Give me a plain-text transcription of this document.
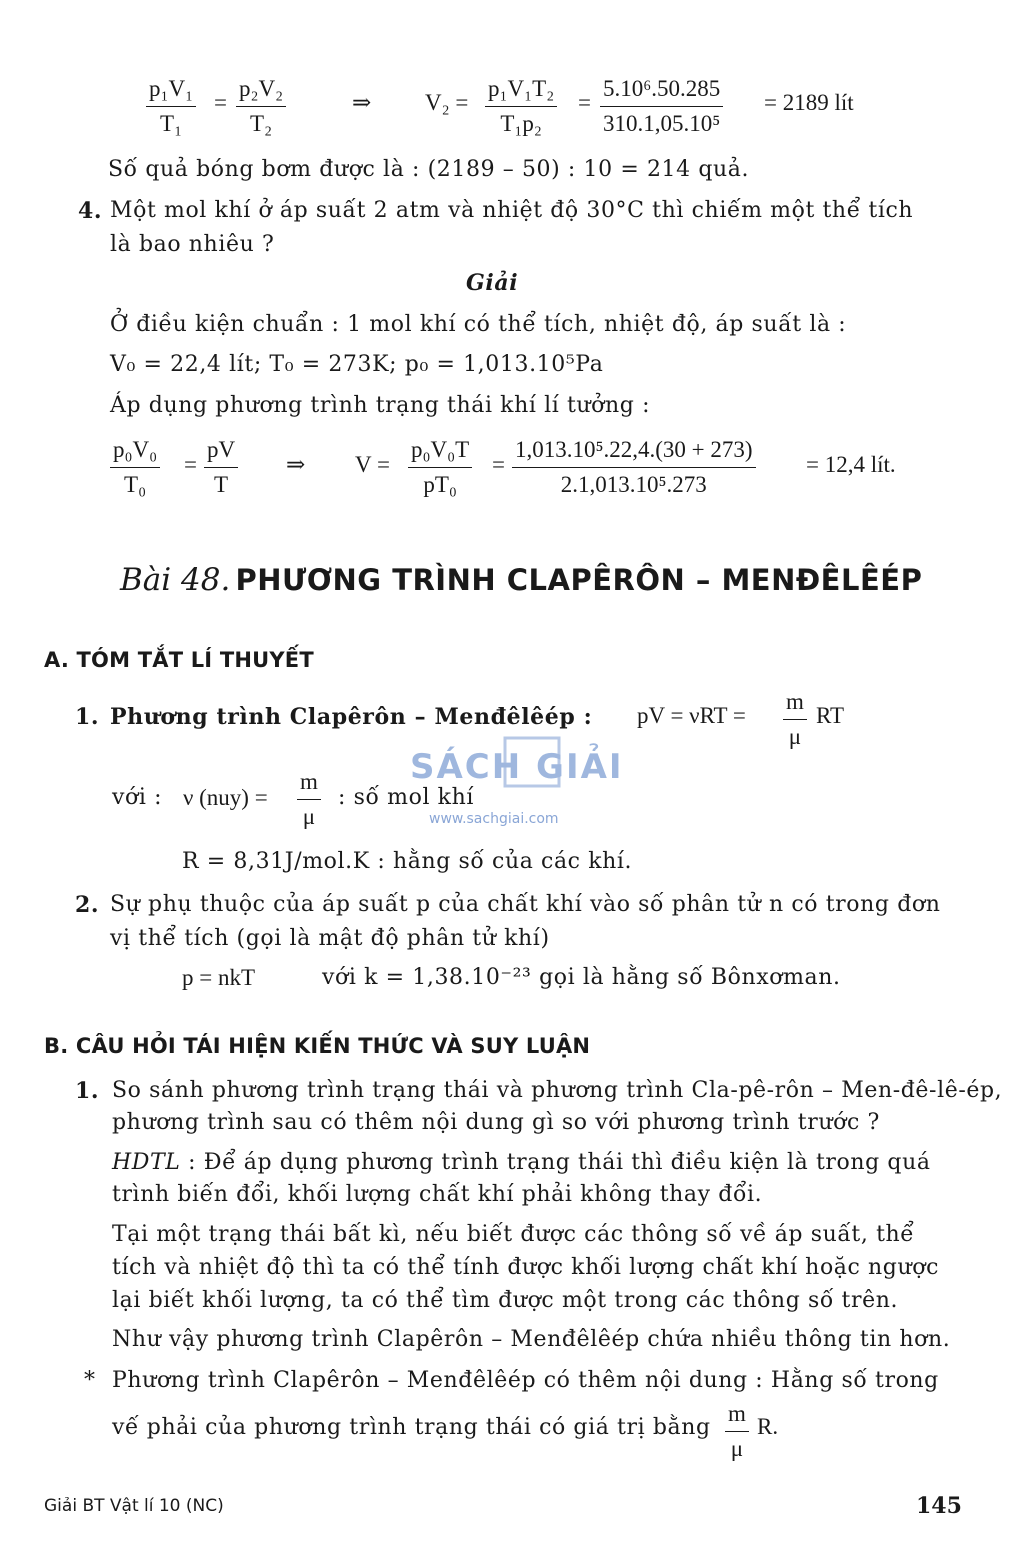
$\frac{\text{p₁V₁}}{\text{T₁}} = \frac{\text{p₂V₂}}{\text{T₂}}$	⇒ $V_2 = \frac{\text{p₁V₁T₂}}{\text{T₁p₂}} = \frac{\text{5.10⁶.50.285}}{\text{310.1,05.10⁵}} = 2189$ lít
Số quả bóng bơm được là : (2189 – 50) : 10 = 214 quả.
4. Một mol khí ở áp suất 2 atm và nhiệt độ 30°C thì chiếm một thể tích
là bao nhiêu ?
Giải
Ở điều kiện chuẩn : 1 mol khí có thể tích, nhiệt độ, áp suất là :
V₀ = 22,4 lít; T₀ = 273K; p₀ = 1,013.10⁵Pa
Áp dụng phương trình trạng thái khí lí tưởng :
$\frac{\text{p₀V₀}}{\text{T₀}} = \frac{pV}{T}$ ⇒ $V = \frac{\text{p₀V₀T}}{\text{pT₀}} = \frac{\text{1,013.10⁵.22,4.(30 + 273)}}{\text{2.1,013.10⁵.273}} = 12,4$ lít.
Bài 48. PHƯƠNG TRÌNH CLAPÊRÔN – MENĐÊLÊÉP
A. TÓM TẮT LÍ THUYẾT
1. Phương trình Clapêrôn – Menđêlêép : pV = $\nu RT = \frac{m}{\mu}$ RT
với : ν $(nuy) = \frac{m}{\mu}$ : số mol khí
SÁCH GIẢI
www.sachgiai.com
R = 8,31J/mol.K : hằng số của các khí.
2. Sự phụ thuộc của áp suất p của chất khí vào số phân tử n có trong đơn
vị thể tích (gọi là mật độ phân tử khí)
p = nkT	với k = 1,38.10⁻²³ gọi là hằng số Bônxơman.
B. CÂU HỎI TÁI HIỆN KIẾN THỨC VÀ SUY LUẬN
1. So sánh phương trình trạng thái và phương trình Cla-pê-rôn – Men-đê-lê-ép,
phương trình sau có thêm nội dung gì so với phương trình trước ?
HDTL : Để áp dụng phương trình trạng thái thì điều kiện là trong quá
trình biến đổi, khối lượng chất khí phải không thay đổi.
Tại một trạng thái bất kì, nếu biết được các thông số về áp suất, thể
tích và nhiệt độ thì ta có thể tính được khối lượng chất khí hoặc ngược
lại biết khối lượng, ta có thể tìm được một trong các thông số trên.
Như vậy phương trình Clapêrôn – Menđêlêép chứa nhiều thông tin hơn.
* Phương trình Clapêrôn – Menđêlêép có thêm nội dung : Hằng số trong
vế phải của phương trình trạng thái có giá trị bằng $\frac{m}{\mu} R$.
Giải BT Vật lí 10 (NC)	145
